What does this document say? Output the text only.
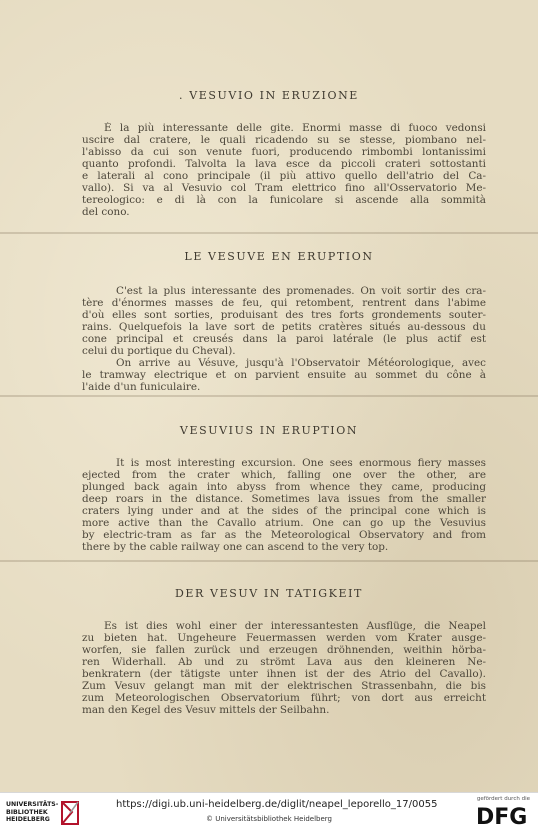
. VESUVIO IN ERUZIONE
È la più interessante delle gite. Enormi masse di fuoco vedonsi
uscire dal cratere, le quali ricadendo su se stesse, piombano nel-
l'abisso da cui son venute fuori, producendo rimbombi lontanissimi
quanto profondi. Talvolta la lava esce da piccoli crateri sottostanti
e laterali al cono principale (il più attivo quello dell'atrio del Ca-
vallo). Si va al Vesuvio col Tram elettrico fino all'Osservatorio Me-
tereologico: e di là con la funicolare si ascende alla sommità
del cono.
LE VESUVE EN ERUPTION
C'est la plus interessante des promenades. On voit sortir des cra-
tère d'énormes masses de feu, qui retombent, rentrent dans l'abime
d'où elles sont sorties, produisant des tres forts grondements souter-
rains. Quelquefois la lave sort de petits cratères situés au-dessous du
cone principal et creusés dans la paroi latérale (le plus actif est
celui du portique du Cheval).
On arrive au Vésuve, jusqu'à l'Observatoir Météorologique, avec
le tramway electrique et on parvient ensuite au sommet du cône à
l'aide d'un funiculaire.
VESUVIUS IN ERUPTION
It is most interesting excursion. One sees enormous fiery masses
ejected from the crater which, falling one over the other, are
plunged back again into abyss from whence they came, producing
deep roars in the distance. Sometimes lava issues from the smaller
craters lying under and at the sides of the principal cone which is
more active than the Cavallo atrium. One can go up the Vesuvius
by electric-tram as far as the Meteorological Observatory and from
there by the cable railway one can ascend to the very top.
DER VESUV IN TATIGKEIT
Es ist dies wohl einer der interessantesten Ausflüge, die Neapel
zu bieten hat. Ungeheure Feuermassen werden vom Krater ausge-
worfen, sie fallen zurück und erzeugen dröhnenden, weithin hörba-
ren Widerhall. Ab und zu strömt Lava aus den kleineren Ne-
benkratern (der tätigste unter ihnen ist der des Atrio del Cavallo).
Zum Vesuv gelangt man mit der elektrischen Strassenbahn, die bis
zum Meteorologischen Observatorium führt; von dort aus erreicht
man den Kegel des Vesuv mittels der Seilbahn.
UNIVERSITÄTS-
BIBLIOTHEK
HEIDELBERG
https://digi.ub.uni-heidelberg.de/diglit/neapel_leporello_17/0055
© Universitätsbibliothek Heidelberg
gefördert durch die
DFG
